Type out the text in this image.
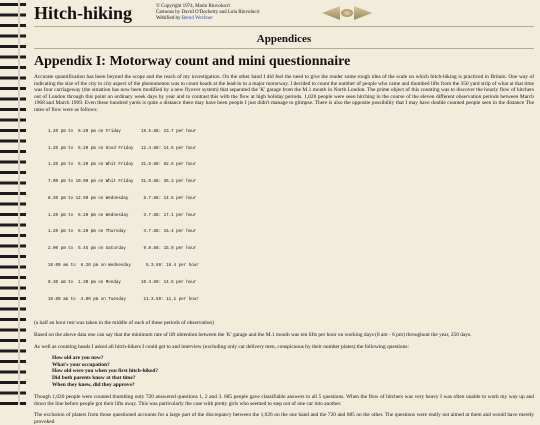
Hitch-hiking	© Copyright 1974, Mario Rinvolucri
Cartoons by David O'Docherty and Lola Rinvolucri
Webified by Bernd Wechner
Appendices
Appendix I: Motorway count and mini questionnaire

Accurate quantification has been beyond the scope and the reach of my investigation. On the other hand I did feel the need to give the reader some rough idea of the scale on which hitch-hiking is practiced in Britain. One way of indicating the size of the city to city aspect of the phenomenon was to count heads at the lead-in to a major motorway. I decided to count the number of people who came and thumbed lifts from the 350 yard strip of what at that time was four carriageway (the situation has now been modified by a new flyover system) that separated the 'K' garage from the M.1 mouth in North London. The prime object of this counting was to discover the hourly flow of hitchers out of London through this point on ordinary week days by year and to contrast this with the flow at high holiday periods. 1,026 people were seen hitching in the course of the eleven different observation periods between March 1968 and March 1969. Even these hundred yards is quite a distance there may have been people I just didn't manage to glimpse. There is also the opposite possibility that I may have double counted people seen in the distance The rates of flow were as follows:

1.20 pm to  6.20 pm on Friday        19.5.68: 23.7 per hour

1.20 pm to  6.20 pm on Good Friday   12.4.68: 14.6 per hour

1.20 pm to  6.20 pm on Whit Friday   31.5.68: 62.6 per hour

7.00 pm to 10.00 pm on Whit Friday   31.5.68: 35.3 per hour

8.20 pm to 12.50 pm on Wednesday      5.7.68: 14.5 per hour

1.20 pm to  6.20 pm on Wednesday      3.7.68: 17.1 per hour

1.20 pm to  6.20 pm on Thursday       4.7.68: 16.4 per hour

2.00 pm to  5.45 pm on Saturday       9.8.68: 15.0 per hour

10.00 am to  6.20 pm on Wednesday      5.3.69: 16.4 per hour

9.30 am to  1.30 pm on Monday        10.3.69: 14.5 per hour

10.00 am to  4.00 pm on Tuesday       11.3.69: 11.1 per hour

(a half an hour rest was taken in the middle of each of these periods of observation)

Based on the above data one can say that the minimum rate of lift obtention between the 'K' garage and the M.1 mouth was ten lifts per hour on working days (8 am - 6 pm) throughout the year, 250 days.

As well as counting heads I asked all hitch-hikers I could get to and interview (excluding only car delivery men, conspicuous by their number plates) the following questions:

How old are you now?
What's your occupation?
How old were you when you first hitch-hiked?
Did both parents know at that time?
When they knew, did they approve?

Though 1,020 people were counted thumbing only 720 answered questions 1, 2 and 3. 685 people gave classifiable answers to all 5 questions. When the flow of hitchers was very heavy I was often unable to work my way up and down the line before people got their lifts away. This was particularly the case with pretty girls who seemed to step out of one car into another.

The exclusion of platers from those questioned accounts for a large part of the discrepancy between the 1,026 on the one hand and the 720 and 685 on the other. The questions were really not aimed at them and would have merely provoked
